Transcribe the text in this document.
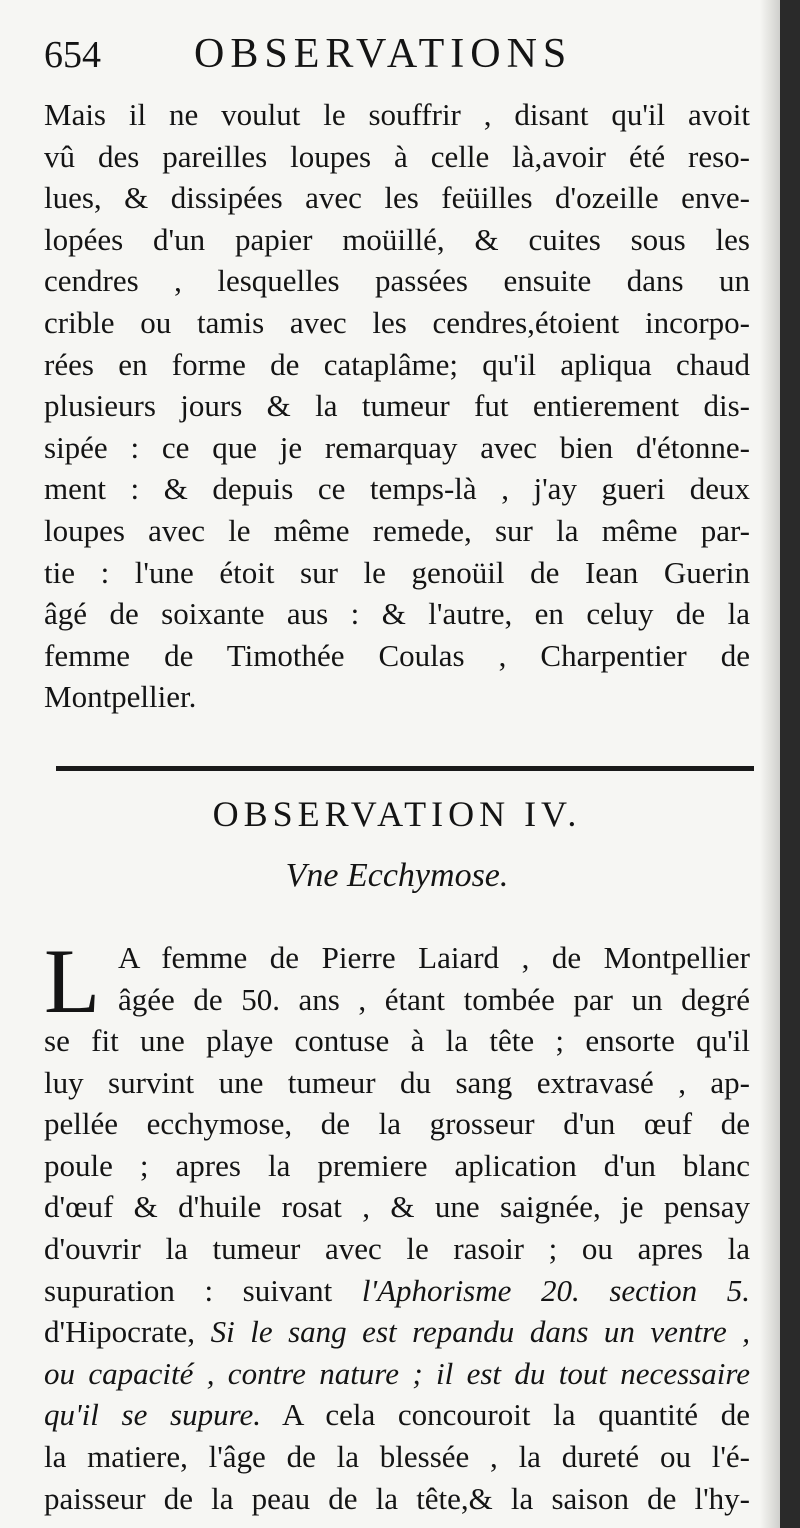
654	OBSERVATIONS
Mais il ne voulut le souffrir , disant qu'il avoit
vû des pareilles loupes à celle là,avoir été reso-
lues, & dissipées avec les feüilles d'ozeille enve-
lopées d'un papier moüillé, & cuites sous les
cendres , lesquelles passées ensuite dans un
crible ou tamis avec les cendres,étoient incorpo-
rées en forme de cataplâme; qu'il apliqua chaud
plusieurs jours & la tumeur fut entierement dis-
sipée : ce que je remarquay avec bien d'étonne-
ment : & depuis ce temps-là , j'ay gueri deux
loupes avec le même remede, sur la même par-
tie : l'une étoit sur le genoüil de Iean Guerin
âgé de soixante aus : & l'autre, en celuy de la
femme de Timothée Coulas , Charpentier de
Montpellier.
OBSERVATION IV.
Vne Ecchymose.
L A femme de Pierre Laiard , de Montpellier
âgée de 50. ans , étant tombée par un degré
se fit une playe contuse à la tête ; ensorte qu'il
luy survint une tumeur du sang extravasé , ap-
pellée ecchymose, de la grosseur d'un œuf de
poule ; apres la premiere aplication d'un blanc
d'œuf & d'huile rosat , & une saignée, je pensay
d'ouvrir la tumeur avec le rasoir ; ou apres la
supuration : suivant l'Aphorisme 20. section 5.
d'Hipocrate, Si le sang est repandu dans un ventre ,
ou capacité , contre nature ; il est du tout necessaire
qu'il se supure. A cela concouroit la quantité de
la matiere, l'âge de la blessée , la dureté ou l'é-
paisseur de la peau de la tête,& la saison de l'hy-
